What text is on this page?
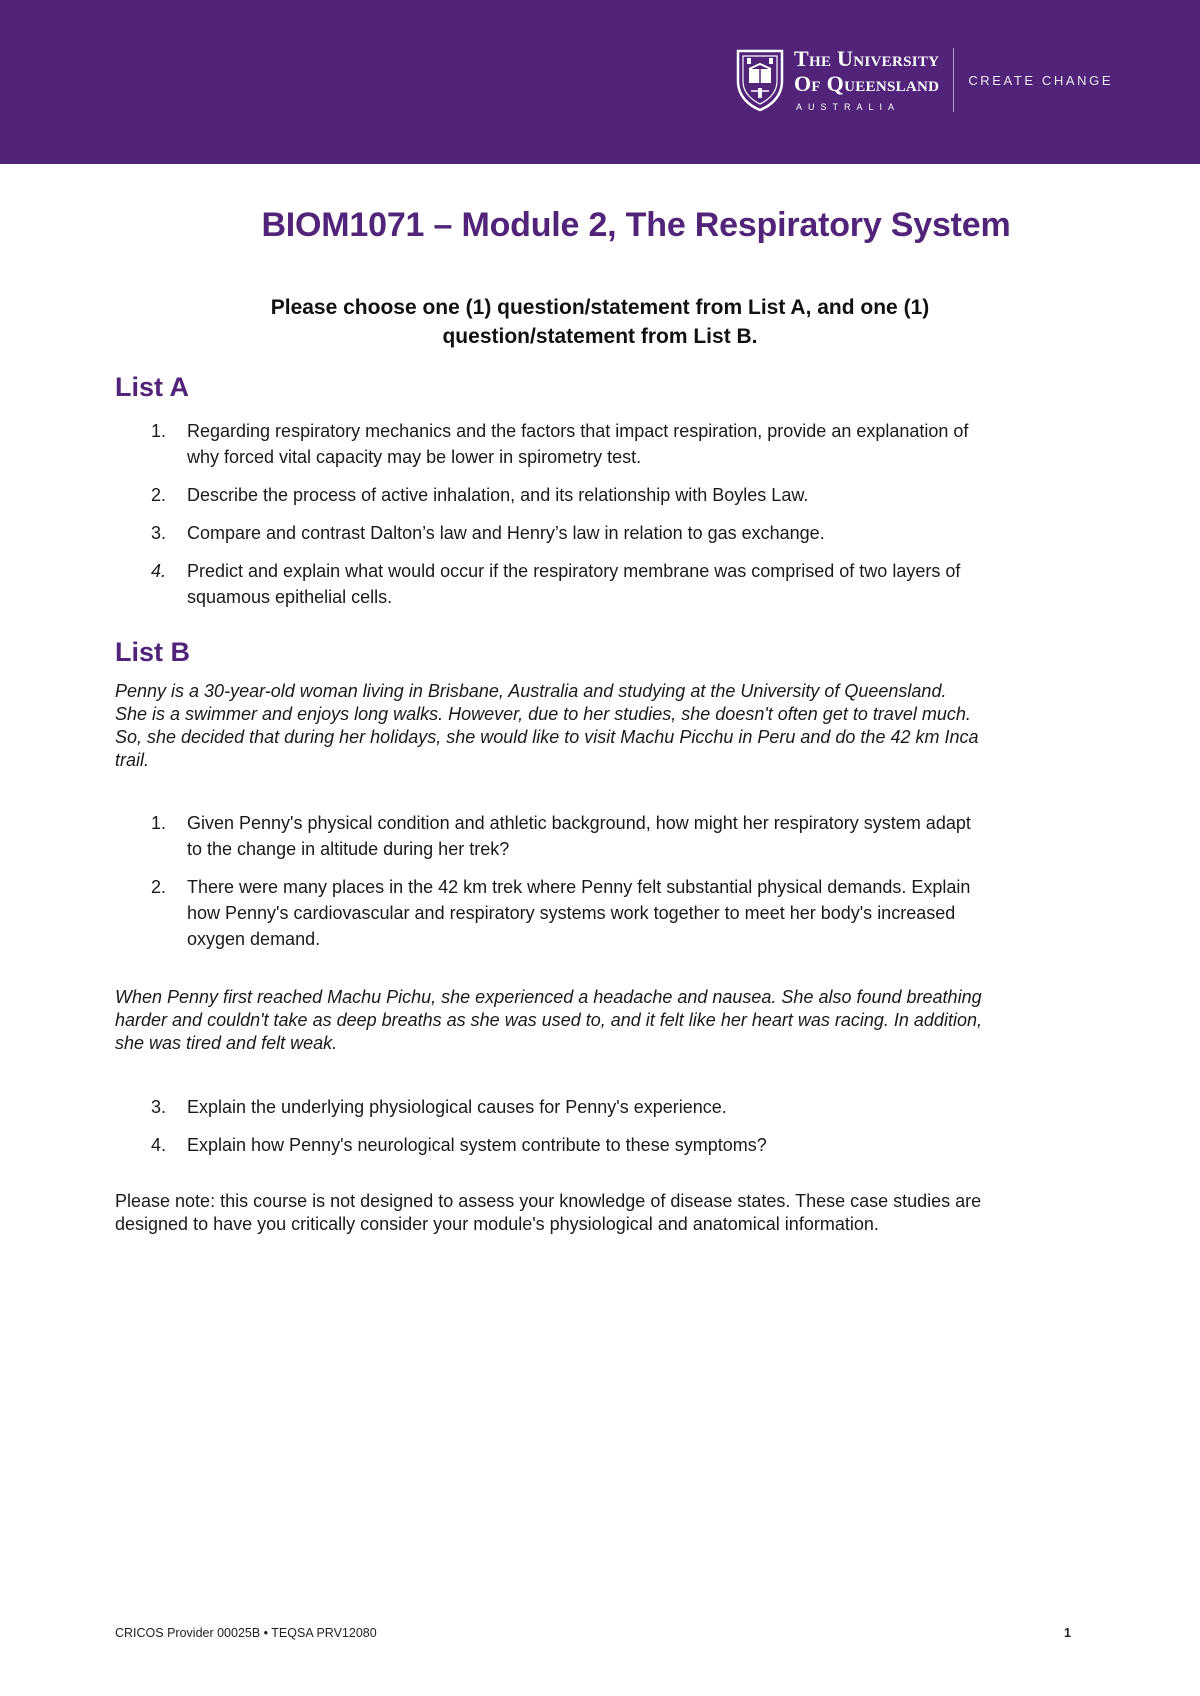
The University
Of Queensland
AUSTRALIA
CREATE CHANGE
BIOM1071 – Module 2, The Respiratory System
Please choose one (1) question/statement from List A, and one (1)
question/statement from List B.
List A
1. Regarding respiratory mechanics and the factors that impact respiration, provide an explanation of
why forced vital capacity may be lower in spirometry test.
2. Describe the process of active inhalation, and its relationship with Boyles Law.
3. Compare and contrast Dalton’s law and Henry’s law in relation to gas exchange.
4. Predict and explain what would occur if the respiratory membrane was comprised of two layers of
squamous epithelial cells.
List B
Penny is a 30-year-old woman living in Brisbane, Australia and studying at the University of Queensland.
She is a swimmer and enjoys long walks. However, due to her studies, she doesn't often get to travel much.
So, she decided that during her holidays, she would like to visit Machu Picchu in Peru and do the 42 km Inca
trail.
1. Given Penny's physical condition and athletic background, how might her respiratory system adapt
to the change in altitude during her trek?
2. There were many places in the 42 km trek where Penny felt substantial physical demands. Explain
how Penny's cardiovascular and respiratory systems work together to meet her body's increased
oxygen demand.
When Penny first reached Machu Pichu, she experienced a headache and nausea. She also found breathing
harder and couldn't take as deep breaths as she was used to, and it felt like her heart was racing. In addition,
she was tired and felt weak.
3. Explain the underlying physiological causes for Penny's experience.
4. Explain how Penny's neurological system contribute to these symptoms?
Please note: this course is not designed to assess your knowledge of disease states. These case studies are
designed to have you critically consider your module's physiological and anatomical information.
CRICOS Provider 00025B • TEQSA PRV12080	1
